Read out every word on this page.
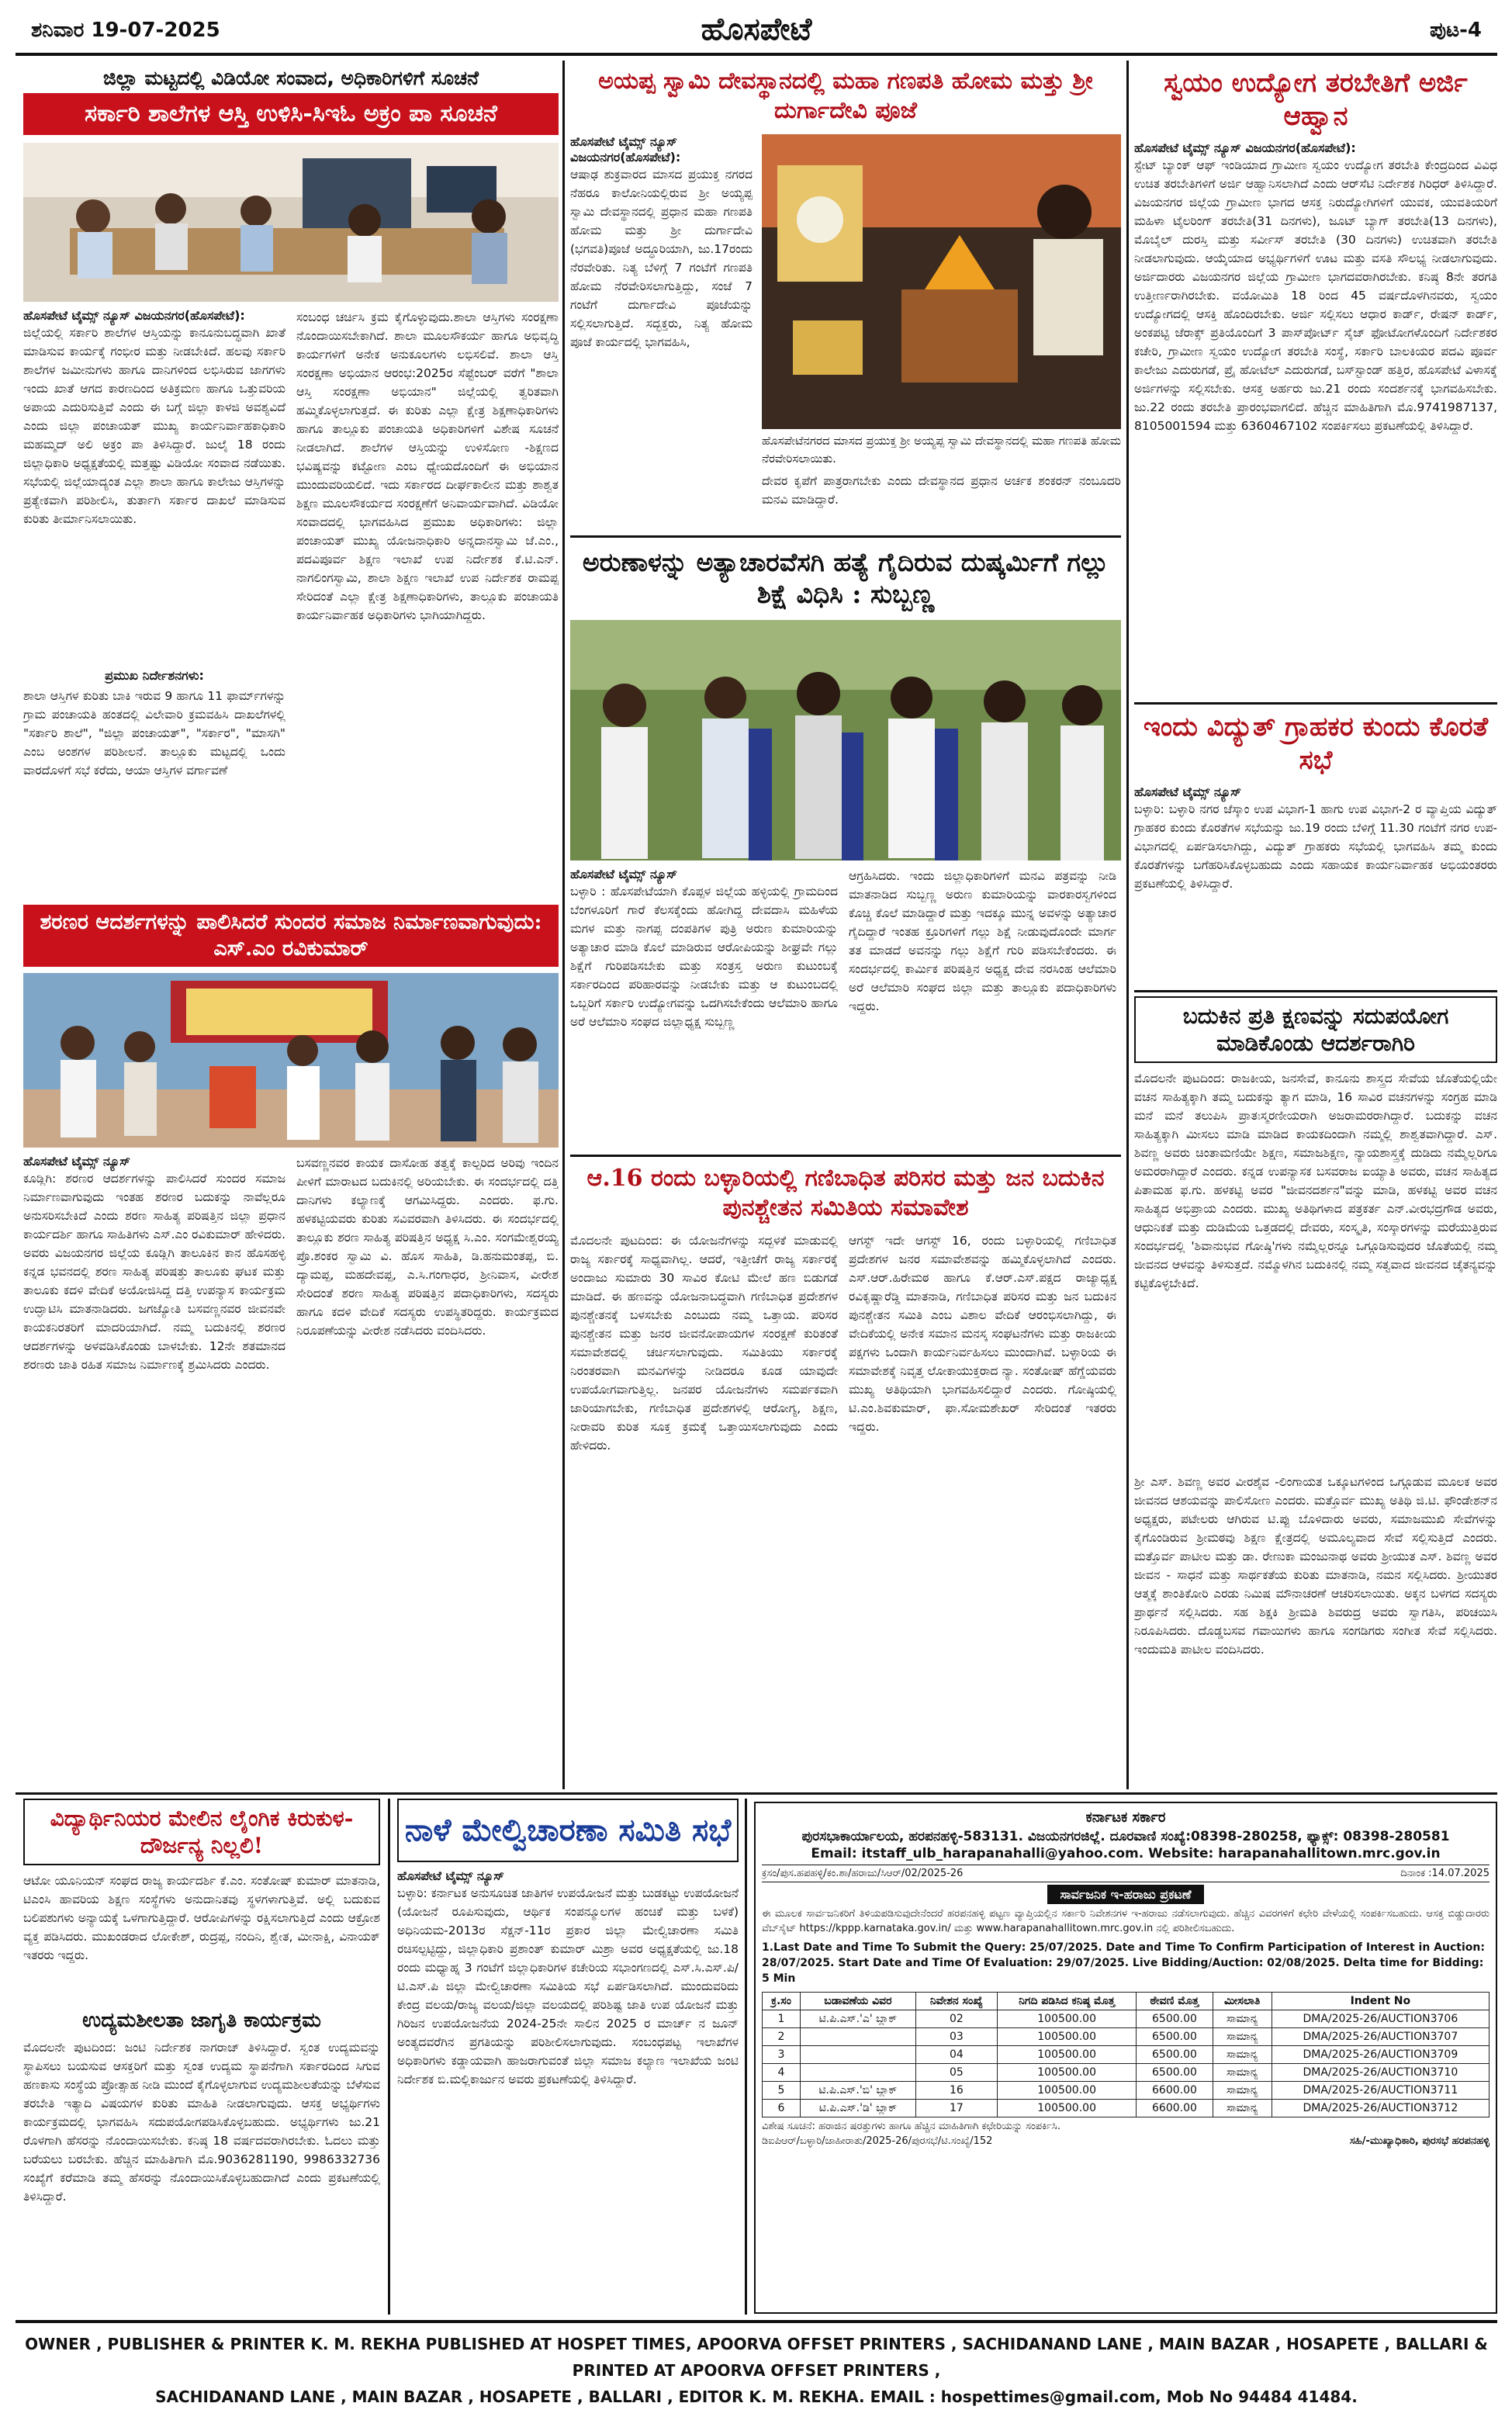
ಶನಿವಾರ 19-07-2025	ಹೊಸಪೇಟೆ	ಪುಟ-4
ಜಿಲ್ಲಾ ಮಟ್ಟದಲ್ಲಿ ವಿಡಿಯೋ ಸಂವಾದ, ಅಧಿಕಾರಿಗಳಿಗೆ ಸೂಚನೆ
ಸರ್ಕಾರಿ ಶಾಲೆಗಳ ಆಸ್ತಿ ಉಳಿಸಿ-ಸಿಇಓ ಅಕ್ರಂ ಪಾ ಸೂಚನೆ
ಹೊಸಪೇಟೆ ಟೈಮ್ಸ್ ನ್ಯೂಸ್ ವಿಜಯನಗರ(ಹೊಸಪೇಟೆ):
ಜಿಲ್ಲೆಯಲ್ಲಿ ಸರ್ಕಾರಿ ಶಾಲೆಗಳ ಆಸ್ತಿಯನ್ನು ಕಾನೂನುಬದ್ಧವಾಗಿ ಖಾತೆ ಮಾಡಿಸುವ ಕಾರ್ಯಕ್ಕೆ ಗಂಭೀರ ಮತ್ತು ನೀಡಬೇಕಿದೆ. ಹಲವು ಸರ್ಕಾರಿ ಶಾಲೆಗಳ ಜಮೀನುಗಳು ಹಾಗೂ ದಾನಿಗಳಿಂದ ಲಭಿಸಿರುವ ಜಾಗಗಳು ಇಂದು ಖಾತೆ ಆಗದ ಕಾರಣದಿಂದ ಅತಿಕ್ರಮಣ ಹಾಗೂ ಒತ್ತುವರಿಯ ಅಪಾಯ ಎದುರಿಸುತ್ತಿವೆ ಎಂದು ಈ ಬಗ್ಗೆ ಜಿಲ್ಲಾ ಕಾಳಜಿ ಅವಶ್ಯವಿದೆ ಎಂದು ಜಿಲ್ಲಾ ಪಂಚಾಯತ್ ಮುಖ್ಯ ಕಾರ್ಯನಿರ್ವಾಹಕಾಧಿಕಾರಿ ಮಹಮ್ಮದ್ ಅಲಿ ಅಕ್ರಂ ಪಾ ತಿಳಿಸಿದ್ದಾರೆ. ಜುಲೈ 18 ರಂದು ಜಿಲ್ಲಾಧಿಕಾರಿ ಅಧ್ಯಕ್ಷತೆಯಲ್ಲಿ ಮತ್ತಷ್ಟು ವಿಡಿಯೋ ಸಂವಾದ ನಡೆಯಿತು. ಸಭೆಯಲ್ಲಿ ಜಿಲ್ಲೆಯಾದ್ಯಂತ ಎಲ್ಲಾ ಶಾಲಾ ಹಾಗೂ ಕಾಲೇಜು ಆಸ್ತಿಗಳನ್ನು ಪ್ರತ್ಯೇಕವಾಗಿ ಪರಿಶೀಲಿಸಿ, ತುರ್ತಾಗಿ ಸರ್ಕಾರ ದಾಖಲೆ ಮಾಡಿಸುವ ಕುರಿತು ತೀರ್ಮಾನಿಸಲಾಯಿತು.
ಪ್ರಮುಖ ನಿರ್ದೇಶನಗಳು:
ಶಾಲಾ ಆಸ್ತಿಗಳ ಕುರಿತು ಬಾಕಿ ಇರುವ 9 ಹಾಗೂ 11 ಫಾರ್ಮ್‌ಗಳನ್ನು ಗ್ರಾಮ ಪಂಚಾಯತಿ ಹಂತದಲ್ಲಿ ವಿಲೇವಾರಿ ಕ್ರಮವಹಿಸಿ ದಾಖಲೆಗಳಲ್ಲಿ "ಸರ್ಕಾರಿ ಶಾಲೆ", "ಜಿಲ್ಲಾ ಪಂಚಾಯತ್", "ಸರ್ಕಾರ", "ಮಾಸಗಿ" ಎಂಬ ಅಂಶಗಳ ಪರಿಶೀಲನೆ. ತಾಲ್ಲೂಕು ಮಟ್ಟದಲ್ಲಿ ಒಂದು ವಾರದೊಳಗೆ ಸಭೆ ಕರೆದು, ಆಯಾ ಆಸ್ತಿಗಳ ವರ್ಗಾವಣೆ
ಸಂಬಂಧ ಚರ್ಚಿಸಿ ಕ್ರಮ ಕೈಗೊಳ್ಳುವುದು.ಶಾಲಾ ಆಸ್ತಿಗಳು ಸಂರಕ್ಷಣಾ ನೊಂದಾಯಿಸಬೇಕಾಗಿದೆ. ಶಾಲಾ ಮೂಲಸೌಕರ್ಯ ಹಾಗೂ ಅಭಿವೃದ್ಧಿ ಕಾರ್ಯಗಳಿಗೆ ಅನೇಕ ಅನುಕೂಲಗಳು ಲಭಿಸಲಿವೆ. ಶಾಲಾ ಆಸ್ತಿ ಸಂರಕ್ಷಣಾ ಅಭಿಯಾನ ಆರಂಭ:2025ರ ಸೆಪ್ಟೆಂಬರ್ ವರೆಗೆ "ಶಾಲಾ ಆಸ್ತಿ ಸಂರಕ್ಷಣಾ ಅಭಿಯಾನ" ಜಿಲ್ಲೆಯಲ್ಲಿ ತ್ವರಿತವಾಗಿ ಹಮ್ಮಿಕೊಳ್ಳಲಾಗುತ್ತದೆ. ಈ ಕುರಿತು ಎಲ್ಲಾ ಕ್ಷೇತ್ರ ಶಿಕ್ಷಣಾಧಿಕಾರಿಗಳು ಹಾಗೂ ತಾಲ್ಲೂಕು ಪಂಚಾಯತಿ ಅಧಿಕಾರಿಗಳಿಗೆ ವಿಶೇಷ ಸೂಚನೆ ನೀಡಲಾಗಿದೆ. ಶಾಲೆಗಳ ಆಸ್ತಿಯನ್ನು ಉಳಿಸೋಣ -ಶಿಕ್ಷಣದ ಭವಿಷ್ಯವನ್ನು ಕಟ್ಟೋಣ ಎಂಬ ಧ್ಯೇಯದೊಂದಿಗೆ ಈ ಅಭಿಯಾನ ಮುಂದುವರಿಯಲಿದೆ. ಇದು ಸರ್ಕಾರದ ದೀರ್ಘಕಾಲೀನ ಮತ್ತು ಶಾಶ್ವತ ಶಿಕ್ಷಣ ಮೂಲಸೌಕರ್ಯದ ಸಂರಕ್ಷಣೆಗೆ ಅನಿವಾರ್ಯವಾಗಿದೆ. ವಿಡಿಯೋ ಸಂವಾದದಲ್ಲಿ ಭಾಗವಹಿಸಿದ ಪ್ರಮುಖ ಅಧಿಕಾರಿಗಳು: ಜಿಲ್ಲಾ ಪಂಚಾಯತ್ ಮುಖ್ಯ ಯೋಜನಾಧಿಕಾರಿ ಅನ್ನದಾನಸ್ವಾಮಿ ಜೆ.ಎಂ., ಪದವಿಪೂರ್ವ ಶಿಕ್ಷಣ ಇಲಾಖೆ ಉಪ ನಿರ್ದೇಶಕ ಕೆ.ಟಿ.ಎನ್. ನಾಗಲಿಂಗಸ್ವಾಮಿ, ಶಾಲಾ ಶಿಕ್ಷಣ ಇಲಾಖೆ ಉಪ ನಿರ್ದೇಶಕ ರಾಮಪ್ಪ ಸೇರಿದಂತೆ ಎಲ್ಲಾ ಕ್ಷೇತ್ರ ಶಿಕ್ಷಣಾಧಿಕಾರಿಗಳು, ತಾಲ್ಲೂಕು ಪಂಚಾಯತಿ ಕಾರ್ಯನಿರ್ವಾಹಕ ಅಧಿಕಾರಿಗಳು ಭಾಗಿಯಾಗಿದ್ದರು.
ಶರಣರ ಆದರ್ಶಗಳನ್ನು ಪಾಲಿಸಿದರೆ ಸುಂದರ ಸಮಾಜ ನಿರ್ಮಾಣವಾಗುವುದು: ಎಸ್.ಎಂ ರವಿಕುಮಾರ್
ಹೊಸಪೇಟೆ ಟೈಮ್ಸ್ ನ್ಯೂಸ್
ಕೂಡ್ಲಿಗಿ: ಶರಣರ ಆದರ್ಶಗಳನ್ನು ಪಾಲಿಸಿದರೆ ಸುಂದರ ಸಮಾಜ ನಿರ್ಮಾಣವಾಗುವುದು ಇಂತಹ ಶರಣರ ಬದುಕನ್ನು ನಾವೆಲ್ಲರೂ ಅನುಸರಿಸಬೇಕಿದೆ ಎಂದು ಶರಣ ಸಾಹಿತ್ಯ ಪರಿಷತ್ತಿನ ಜಿಲ್ಲಾ ಪ್ರಧಾನ ಕಾರ್ಯದರ್ಶಿ ಹಾಗೂ ಸಾಹಿತಿಗಳು ಎಸ್.ಎಂ ರವಿಕುಮಾರ್ ಹೇಳಿದರು. ಅವರು ವಿಜಯನಗರ ಜಿಲ್ಲೆಯ ಕೂಡ್ಲಿಗಿ ತಾಲೂಕಿನ ಕಾನ ಹೊಸಹಳ್ಳಿ ಕನ್ನಡ ಭವನದಲ್ಲಿ ಶರಣ ಸಾಹಿತ್ಯ ಪರಿಷತ್ತು ತಾಲೂಕು ಘಟಕ ಮತ್ತು ತಾಲೂಕು ಕದಳಿ ವೇದಿಕೆ ಅಯೋಜಿಸಿದ್ದ ದತ್ತಿ ಉಪನ್ಯಾಸ ಕಾರ್ಯಕ್ರಮ ಉದ್ಘಾಟಿಸಿ ಮಾತನಾಡಿದರು. ಜಗಜ್ಯೋತಿ ಬಸವಣ್ಣನವರ ಜೀವನವೇ ಕಾಯಕನಿರತರಿಗೆ ಮಾದರಿಯಾಗಿದೆ. ನಮ್ಮ ಬದುಕಿನಲ್ಲಿ ಶರಣರ ಆದರ್ಶಗಳನ್ನು ಅಳವಡಿಸಿಕೊಂಡು ಬಾಳಬೇಕು. 12ನೇ ಶತಮಾನದ ಶರಣರು ಜಾತಿ ರಹಿತ ಸಮಾಜ ನಿರ್ಮಾಣಕ್ಕೆ ಶ್ರಮಿಸಿದರು ಎಂದರು.
ಬಸವಣ್ಣನವರ ಕಾಯಕ ದಾಸೋಹ ತತ್ವಕ್ಕೆ ಕಾಲ್ಪರಿದ ಅರಿವು ಇಂದಿನ ಪೀಳಿಗೆ ಮಾರಾಟದ ಬದುಕಿನಲ್ಲಿ ಅರಿಯಬೇಕು. ಈ ಸಂದರ್ಭದಲ್ಲಿ ದತ್ತಿ ದಾನಿಗಳು ಕಲ್ಯಾಣಕ್ಕೆ ಆಗಮಿಸಿದ್ದರು. ಎಂದರು. ಫ.ಗು. ಹಳಕಟ್ಟಿಯವರು ಕುರಿತು ಸವಿವರವಾಗಿ ತಿಳಿಸಿದರು. ಈ ಸಂದರ್ಭದಲ್ಲಿ ತಾಲ್ಲೂಕು ಶರಣ ಸಾಹಿತ್ಯ ಪರಿಷತ್ತಿನ ಅಧ್ಯಕ್ಷ ಸಿ.ಎಂ. ಸಂಗಮೇಶ್ವರಯ್ಯ ಪ್ರೊ.ಶಂಕರ ಸ್ವಾಮಿ ವಿ. ಹೊಸ ಸಾಹಿತಿ, ಡಿ.ಹನುಮಂತಪ್ಪ, ಬಿ. ದ್ಯಾಮಪ್ಪ, ಮಹದೇವಪ್ಪ, ಎ.ಸಿ.ಗಂಗಾಧರ, ಶ್ರೀನಿವಾಸ, ವೀರೇಶ ಸೇರಿದಂತೆ ಶರಣ ಸಾಹಿತ್ಯ ಪರಿಷತ್ತಿನ ಪದಾಧಿಕಾರಿಗಳು, ಸದಸ್ಯರು ಹಾಗೂ ಕದಳಿ ವೇದಿಕೆ ಸದಸ್ಯರು ಉಪಸ್ಥಿತರಿದ್ದರು. ಕಾರ್ಯಕ್ರಮದ ನಿರೂಪಣೆಯನ್ನು ವೀರೇಶ ನಡೆಸಿದರು ವಂದಿಸಿದರು.
ಅಯಪ್ಪ ಸ್ವಾಮಿ ದೇವಸ್ಥಾನದಲ್ಲಿ ಮಹಾ ಗಣಪತಿ ಹೋಮ ಮತ್ತು ಶ್ರೀ ದುರ್ಗಾದೇವಿ ಪೂಜೆ
ಹೊಸಪೇಟೆ ಟೈಮ್ಸ್ ನ್ಯೂಸ್ ವಿಜಯನಗರ(ಹೊಸಪೇಟೆ):
ಆಷಾಢ ಶುಕ್ರವಾರದ ಮಾಸದ ಪ್ರಯುಕ್ತ ನಗರದ ನೆಹರೂ ಕಾಲೋನಿಯಲ್ಲಿರುವ ಶ್ರೀ ಅಯ್ಯಪ್ಪ ಸ್ವಾಮಿ ದೇವಸ್ಥಾನದಲ್ಲಿ ಪ್ರಧಾನ ಮಹಾ ಗಣಪತಿ ಹೋಮ ಮತ್ತು ಶ್ರೀ ದುರ್ಗಾದೇವಿ (ಭಗವತಿ)ಪೂಜೆ ಅದ್ಧೂರಿಯಾಗಿ, ಜು.17ರಂದು ನೆರವೇರಿತು. ನಿತ್ಯ ಬೆಳಿಗ್ಗೆ 7 ಗಂಟೆಗೆ ಗಣಪತಿ ಹೋಮ ನೆರವೇರಿಸಲಾಗುತ್ತಿದ್ದು, ಸಂಜೆ 7 ಗಂಟೆಗೆ ದುರ್ಗಾದೇವಿ ಪೂಜೆಯನ್ನು ಸಲ್ಲಿಸಲಾಗುತ್ತಿದೆ. ಸದ್ಭಕ್ತರು, ನಿತ್ಯ ಹೋಮ ಪೂಜೆ ಕಾರ್ಯದಲ್ಲಿ ಭಾಗವಹಿಸಿ,
ಹೊಸಪೇಟೆನಗರದ ಮಾಸದ ಪ್ರಯುಕ್ತ ಶ್ರೀ ಅಯ್ಯಪ್ಪ ಸ್ವಾಮಿ ದೇವಸ್ಥಾನದಲ್ಲಿ ಮಹಾ ಗಣಪತಿ ಹೋಮ ನೆರವೇರಿಸಲಾಯಿತು.
ದೇವರ ಕೃಪೆಗೆ ಪಾತ್ರರಾಗಬೇಕು ಎಂದು ದೇವಸ್ಥಾನದ ಪ್ರಧಾನ ಅರ್ಚಕ ಶಂಕರನ್ ನಂಬೂದರಿ ಮನವಿ ಮಾಡಿದ್ದಾರೆ.
ಅರುಣಾಳನ್ನು ಅತ್ಯಾಚಾರವೆಸಗಿ ಹತ್ಯೆ ಗೈದಿರುವ ದುಷ್ಕರ್ಮಿಗೆ ಗಲ್ಲು ಶಿಕ್ಷೆ ವಿಧಿಸಿ : ಸುಬ್ಬಣ್ಣ
ಹೊಸಪೇಟೆ ಟೈಮ್ಸ್ ನ್ಯೂಸ್
ಬಳ್ಳಾರಿ : ಹೊಸಪೇಟೆಯಾಗಿ ಕೊಪ್ಪಳ ಜಿಲ್ಲೆಯ ಹಳ್ಳಿಯಲ್ಲಿ ಗ್ರಾಮದಿಂದ ಬೆಂಗಳೂರಿಗೆ ಗಾರೆ ಕೆಲಸಕ್ಕೆಂದು ಹೋಗಿದ್ದ ದೇವದಾಸಿ ಮಹಿಳೆಯ ಮಗಳ ಮತ್ತು ನಾಗಪ್ಪ ದಂಪತಿಗಳ ಪುತ್ರಿ ಅರುಣ ಕುಮಾರಿಯನ್ನು ಅತ್ಯಾಚಾರ ಮಾಡಿ ಕೊಲೆ ಮಾಡಿರುವ ಆರೋಪಿಯನ್ನು ಶೀಘ್ರವೇ ಗಲ್ಲು ಶಿಕ್ಷೆಗೆ ಗುರಿಪಡಿಸಬೇಕು ಮತ್ತು ಸಂತ್ರಸ್ತ ಅರುಣ ಕುಟುಂಬಕ್ಕೆ ಸರ್ಕಾರದಿಂದ ಪರಿಹಾರವನ್ನು ನೀಡಬೇಕು ಮತ್ತು ಆ ಕುಟುಂಬದಲ್ಲಿ ಒಬ್ಬರಿಗೆ ಸರ್ಕಾರಿ ಉದ್ಯೋಗವನ್ನು ಒದಗಿಸಬೇಕೆಂದು ಆಲೆಮಾರಿ ಹಾಗೂ ಅರೆ ಆಲೆಮಾರಿ ಸಂಘದ ಜಿಲ್ಲಾಧ್ಯಕ್ಷ ಸುಬ್ಬಣ್ಣ
ಆಗ್ರಹಿಸಿದರು. ಇಂದು ಜಿಲ್ಲಾಧಿಕಾರಿಗಳಿಗೆ ಮನವಿ ಪತ್ರವನ್ನು ನೀಡಿ ಮಾತನಾಡಿದ ಸುಬ್ಬಣ್ಣ ಅರುಣ ಕುಮಾರಿಯನ್ನು ವಾರಕಾರಸ್ವಗಳಿಂದ ಕೊಚ್ಚಿ ಕೊಲೆ ಮಾಡಿದ್ದಾರೆ ಮತ್ತು ಇದಕ್ಕೂ ಮುನ್ನ ಅವಳನ್ನು ಅತ್ಯಾಚಾರ ಗೈದಿದ್ದಾರೆ ಇಂತಹ ಕ್ರೂರಿಗಳಿಗೆ ಗಲ್ಲು ಶಿಕ್ಷೆ ನೀಡುವುದೊಂದೇ ಮಾರ್ಗ ತತ ಮಾಡದೆ ಅವನನ್ನು ಗಲ್ಲು ಶಿಕ್ಷೆಗೆ ಗುರಿ ಪಡಿಸಬೇಕೆಂದರು. ಈ ಸಂದರ್ಭದಲ್ಲಿ ಕಾರ್ಮಿಕ ಪರಿಷತ್ತಿನ ಅಧ್ಯಕ್ಷ ದೇವ ನರಸಿಂಹ ಆಲೆಮಾರಿ ಅರೆ ಆಲೆಮಾರಿ ಸಂಘದ ಜಿಲ್ಲಾ ಮತ್ತು ತಾಲ್ಲೂಕು ಪದಾಧಿಕಾರಿಗಳು ಇದ್ದರು.
ಆ.16 ರಂದು ಬಳ್ಳಾರಿಯಲ್ಲಿ ಗಣಿಬಾಧಿತ ಪರಿಸರ ಮತ್ತು ಜನ ಬದುಕಿನ ಪುನಶ್ಚೇತನ ಸಮಿತಿಯ ಸಮಾವೇಶ
ಮೊದಲನೇ ಪುಟದಿಂದ: ಈ ಯೋಜನೆಗಳನ್ನು ಸದ್ಬಳಕೆ ಮಾಡುವಲ್ಲಿ ರಾಜ್ಯ ಸರ್ಕಾರಕ್ಕೆ ಸಾಧ್ಯವಾಗಿಲ್ಲ. ಆದರೆ, ಇತ್ತೀಚೆಗೆ ರಾಜ್ಯ ಸರ್ಕಾರಕ್ಕೆ ಅಂದಾಜು ಸುಮಾರು 30 ಸಾವಿರ ಕೋಟಿ ಮೇಲೆ ಹಣ ಬಿಡುಗಡೆ ಮಾಡಿದೆ. ಈ ಹಣವನ್ನು ಯೋಜನಾಬದ್ಧವಾಗಿ ಗಣಿಬಾಧಿತ ಪ್ರದೇಶಗಳ ಪುನಶ್ಚೇತನಕ್ಕೆ ಬಳಸಬೇಕು ಎಂಬುದು ನಮ್ಮ ಒತ್ತಾಯ. ಪರಿಸರ ಪುನಶ್ಚೇತನ ಮತ್ತು ಜನರ ಜೀವನೋಪಾಯಗಳ ಸಂರಕ್ಷಣೆ ಕುರಿತಂತೆ ಸಮಾವೇಶದಲ್ಲಿ ಚರ್ಚಿಸಲಾಗುವುದು. ಸಮಿತಿಯು ಸರ್ಕಾರಕ್ಕೆ ನಿರಂತರವಾಗಿ ಮನವಿಗಳನ್ನು ನೀಡಿದರೂ ಕೂಡ ಯಾವುದೇ ಉಪಯೋಗವಾಗುತ್ತಿಲ್ಲ. ಜನಪರ ಯೋಜನೆಗಳು ಸಮರ್ಪಕವಾಗಿ ಜಾರಿಯಾಗಬೇಕು, ಗಣಿಬಾಧಿತ ಪ್ರದೇಶಗಳಲ್ಲಿ ಆರೋಗ್ಯ, ಶಿಕ್ಷಣ, ನೀರಾವರಿ ಕುರಿತ ಸೂಕ್ತ ಕ್ರಮಕ್ಕೆ ಒತ್ತಾಯಿಸಲಾಗುವುದು ಎಂದು ಹೇಳಿದರು.
ಆಗಸ್ಟ್ ಇದೇ ಆಗಸ್ಟ್ 16, ರಂದು ಬಳ್ಳಾರಿಯಲ್ಲಿ ಗಣಿಬಾಧಿತ ಪ್ರದೇಶಗಳ ಜನರ ಸಮಾವೇಶವನ್ನು ಹಮ್ಮಿಕೊಳ್ಳಲಾಗಿದೆ ಎಂದರು. ಎಸ್.ಆರ್.ಹಿರೇಮಠ ಹಾಗೂ ಕೆ.ಆರ್.ಎಸ್.ಪಕ್ಷದ ರಾಜ್ಯಾಧ್ಯಕ್ಷ ರವಿಕೃಷ್ಣಾರೆಡ್ಡಿ ಮಾತನಾಡಿ, ಗಣಿಬಾಧಿತ ಪರಿಸರ ಮತ್ತು ಜನ ಬದುಕಿನ ಪುನಶ್ಚೇತನ ಸಮಿತಿ ಎಂಬ ವಿಶಾಲ ವೇದಿಕೆ ಆರಂಭಿಸಲಾಗಿದ್ದು, ಈ ವೇದಿಕೆಯಲ್ಲಿ ಅನೇಕ ಸಮಾನ ಮನಸ್ಕ ಸಂಘಟನೆಗಳು ಮತ್ತು ರಾಜಕೀಯ ಪಕ್ಷಗಳು ಒಂದಾಗಿ ಕಾರ್ಯನಿರ್ವಹಿಸಲು ಮುಂದಾಗಿವೆ. ಬಳ್ಳಾರಿಯ ಈ ಸಮಾವೇಶಕ್ಕೆ ನಿವೃತ್ತ ಲೋಕಾಯುಕ್ತರಾದ ನ್ಯಾ. ಸಂತೋಷ್ ಹೆಗ್ಡೆಯವರು ಮುಖ್ಯ ಅತಿಥಿಯಾಗಿ ಭಾಗವಹಿಸಲಿದ್ದಾರೆ ಎಂದರು. ಗೋಷ್ಠಿಯಲ್ಲಿ ಟಿ.ಎಂ.ಶಿವಕುಮಾರ್, ಫಾ.ಸೋಮಶೇಖರ್ ಸೇರಿದಂತೆ ಇತರರು ಇದ್ದರು.
ಸ್ವಯಂ ಉದ್ಯೋಗ ತರಬೇತಿಗೆ ಅರ್ಜಿ ಆಹ್ವಾನ
ಹೊಸಪೇಟೆ ಟೈಮ್ಸ್ ನ್ಯೂಸ್ ವಿಜಯನಗರ(ಹೊಸಪೇಟೆ):
ಸ್ಟೇಟ್ ಬ್ಯಾಂಕ್ ಆಫ್ ಇಂಡಿಯಾದ ಗ್ರಾಮೀಣ ಸ್ವಯಂ ಉದ್ಯೋಗ ತರಬೇತಿ ಕೇಂದ್ರದಿಂದ ವಿವಿಧ ಉಚಿತ ತರಬೇತಿಗಳಿಗೆ ಅರ್ಜಿ ಆಹ್ವಾನಿಸಲಾಗಿದೆ ಎಂದು ಆರ್‌ಸೆಟಿ ನಿರ್ದೇಶಕ ಗಿರಿಧರ್ ತಿಳಿಸಿದ್ದಾರೆ. ವಿಜಯನಗರ ಜಿಲ್ಲೆಯ ಗ್ರಾಮೀಣ ಭಾಗದ ಆಸಕ್ತ ನಿರುದ್ಯೋಗಿಗಳಿಗೆ ಯುವಕ, ಯುವತಿಯರಿಗೆ ಮಹಿಳಾ ಟೈಲರಿಂಗ್ ತರಬೇತಿ(31 ದಿನಗಳು), ಜೂಟ್ ಬ್ಯಾಗ್ ತರಬೇತಿ(13 ದಿನಗಳು), ಮೊಬೈಲ್ ದುರಸ್ತಿ ಮತ್ತು ಸರ್ವೀಸ್ ತರಬೇತಿ (30 ದಿನಗಳು) ಉಚಿತವಾಗಿ ತರಬೇತಿ ನೀಡಲಾಗುವುದು. ಆಯ್ಕೆಯಾದ ಅಭ್ಯರ್ಥಿಗಳಿಗೆ ಊಟ ಮತ್ತು ವಸತಿ ಸೌಲಭ್ಯ ನೀಡಲಾಗುವುದು. ಅರ್ಜಿದಾರರು ವಿಜಯನಗರ ಜಿಲ್ಲೆಯ ಗ್ರಾಮೀಣ ಭಾಗದವರಾಗಿರಬೇಕು. ಕನಿಷ್ಠ 8ನೇ ತರಗತಿ ಉತ್ತೀರ್ಣರಾಗಿರಬೇಕು. ವಯೋಮಿತಿ 18 ರಿಂದ 45 ವರ್ಷದೊಳಗಿನವರು, ಸ್ವಯಂ ಉದ್ಯೋಗದಲ್ಲಿ ಆಸಕ್ತಿ ಹೊಂದಿರಬೇಕು. ಅರ್ಜಿ ಸಲ್ಲಿಸಲು ಆಧಾರ ಕಾರ್ಡ್, ರೇಷನ್ ಕಾರ್ಡ್, ಅಂಕಪಟ್ಟಿ ಜೆರಾಕ್ಸ್ ಪ್ರತಿಯೊಂದಿಗೆ 3 ಪಾಸ್‌ಪೋರ್ಟ್ ಸೈಜ್ ಫೋಟೋಗಳೊಂದಿಗೆ ನಿರ್ದೇಶಕರ ಕಚೇರಿ, ಗ್ರಾಮೀಣ ಸ್ವಯಂ ಉದ್ಯೋಗ ತರಬೇತಿ ಸಂಸ್ಥೆ, ಸರ್ಕಾರಿ ಬಾಲಕಿಯರ ಪದವಿ ಪೂರ್ವ ಕಾಲೇಜು ಎದುರುಗಡೆ, ಪ್ರೈ ಹೋಟೆಲ್ ಎದುರುಗಡೆ, ಬಸ್‌ಸ್ಟಾಂಡ್ ಹತ್ತಿರ, ಹೊಸಪೇಟೆ ವಿಳಾಸಕ್ಕೆ ಅರ್ಜಿಗಳನ್ನು ಸಲ್ಲಿಸಬೇಕು. ಆಸಕ್ತ ಅರ್ಹರು ಜು.21 ರಂದು ಸಂದರ್ಶನಕ್ಕೆ ಭಾಗವಹಿಸಬೇಕು. ಜು.22 ರಂದು ತರಬೇತಿ ಪ್ರಾರಂಭವಾಗಲಿದೆ. ಹೆಚ್ಚಿನ ಮಾಹಿತಿಗಾಗಿ ಮೊ.9741987137, 8105001594 ಮತ್ತು 6360467102 ಸಂಪರ್ಕಿಸಲು ಪ್ರಕಟಣೆಯಲ್ಲಿ ತಿಳಿಸಿದ್ದಾರೆ.
ಇಂದು ವಿದ್ಯುತ್ ಗ್ರಾಹಕರ ಕುಂದು ಕೊರತೆ ಸಭೆ
ಹೊಸಪೇಟೆ ಟೈಮ್ಸ್ ನ್ಯೂಸ್
ಬಳ್ಳಾರಿ: ಬಳ್ಳಾರಿ ನಗರ ಜೆಸ್ಕಾಂ ಉಪ ವಿಭಾಗ-1 ಹಾಗು ಉಪ ವಿಭಾಗ-2 ರ ವ್ಯಾಪ್ತಿಯ ವಿದ್ಯುತ್ ಗ್ರಾಹಕರ ಕುಂದು ಕೊರತೆಗಳ ಸಭೆಯನ್ನು ಜು.19 ರಂದು ಬೆಳಿಗ್ಗೆ 11.30 ಗಂಟೆಗೆ ನಗರ ಉಪ-ವಿಭಾಗದಲ್ಲಿ ಏರ್ಪಡಿಸಲಾಗಿದ್ದು, ವಿದ್ಯುತ್ ಗ್ರಾಹಕರು ಸಭೆಯಲ್ಲಿ ಭಾಗವಹಿಸಿ ತಮ್ಮ ಕುಂದು ಕೊರತೆಗಳನ್ನು ಬಗೆಹರಿಸಿಕೊಳ್ಳಬಹುದು ಎಂದು ಸಹಾಯಕ ಕಾರ್ಯನಿರ್ವಾಹಕ ಅಭಿಯಂತರರು ಪ್ರಕಟಣೆಯಲ್ಲಿ ತಿಳಿಸಿದ್ದಾರೆ.
ಬದುಕಿನ ಪ್ರತಿ ಕ್ಷಣವನ್ನು ಸದುಪಯೋಗ ಮಾಡಿಕೊಂಡು ಆದರ್ಶರಾಗಿರಿ
ಮೊದಲನೇ ಪುಟದಿಂದ: ರಾಜಕೀಯ, ಜನಸೇವೆ, ಕಾನೂನು ಶಾಸ್ತ್ರದ ಸೇವೆಯ ಜೊತೆಯಲ್ಲಿಯೇ ವಚನ ಸಾಹಿತ್ಯಕ್ಕಾಗಿ ತಮ್ಮ ಬದುಕನ್ನು ತ್ಯಾಗ ಮಾಡಿ, 16 ಸಾವಿರ ವಚನಗಳನ್ನು ಸಂಗ್ರಹ ಮಾಡಿ ಮನೆ ಮನೆ ತಲುಪಿಸಿ ಪ್ರಾತಃಸ್ಮರಣೀಯರಾಗಿ ಅಜರಾಮರರಾಗಿದ್ದಾರೆ. ಬದುಕನ್ನು ವಚನ ಸಾಹಿತ್ಯಕ್ಕಾಗಿ ಮೀಸಲು ಮಾಡಿ ಮಾಡಿದ ಕಾಯಕದಿಂದಾಗಿ ನಮ್ಮಲ್ಲಿ ಶಾಶ್ವತವಾಗಿದ್ದಾರೆ. ಎಸ್. ಶಿವಣ್ಣ ಅವರು ಚಿಂತಾಮಣಿಯೇ ಶಿಕ್ಷಣ, ಸಮಾಜಶಿಕ್ಷಣ, ನ್ಯಾಯಶಾಸ್ತ್ರಕ್ಕೆ ದುಡಿದು ನಮ್ಮೆಲ್ಲರಿಗೂ ಅಮರರಾಗಿದ್ದಾರೆ ಎಂದರು. ಕನ್ನಡ ಉಪನ್ಯಾಸಕ ಬಸವರಾಜ ಐಯ್ಯಾತಿ ಅವರು, ವಚನ ಸಾಹಿತ್ಯದ ಪಿತಾಮಹ ಫ.ಗು. ಹಳಕಟ್ಟಿ ಅವರ "ಜೀವನದರ್ಶನ"ವನ್ನು ಮಾಡಿ, ಹಳಕಟ್ಟಿ ಅವರ ವಚನ ಸಾಹಿತ್ಯದ ಅಭಿಪ್ರಾಯ ಎಂದರು. ಮುಖ್ಯ ಅತಿಥಿಗಳಾದ ಪತ್ರಕರ್ತ ಎನ್.ವೀರಭದ್ರಗೌಡ ಅವರು, ಆಧುನಿಕತೆ ಮತ್ತು ದುಡಿಮೆಯ ಒತ್ತಡದಲ್ಲಿ ದೇವರು, ಸಂಸ್ಕೃತಿ, ಸಂಸ್ಕಾರಗಳನ್ನು ಮರೆಯುತ್ತಿರುವ ಸಂದರ್ಭದಲ್ಲಿ 'ಶಿವಾನುಭವ ಗೋಷ್ಠಿ'ಗಳು ನಮ್ಮೆಲ್ಲರನ್ನೂ ಒಗ್ಗೂಡಿಸುವುದರ ಜೊತೆಯಲ್ಲಿ ನಮ್ಮ ಜೀವನದ ಆಳವನ್ನು ತಿಳಿಸುತ್ತದೆ. ನಮ್ಮೊಳಗಿನ ಬದುಕಿನಲ್ಲಿ ನಮ್ಮ ಸತ್ವವಾದ ಜೀವನದ ಚೈತನ್ಯವನ್ನು ಕಟ್ಟಿಕೊಳ್ಳಬೇಕಿದೆ.
ಶ್ರೀ ಎಸ್. ಶಿವಣ್ಣ ಅವರ ವೀರಶೈವ -ಲಿಂಗಾಯತ ಒಕ್ಕೂಟಗಳಿಂದ ಒಗ್ಗೂಡುವ ಮೂಲಕ ಅವರ ಜೀವನದ ಆಶಯವನ್ನು ಪಾಲಿಸೋಣ ಎಂದರು. ಮತ್ತೊರ್ವ ಮುಖ್ಯ ಅತಿಥಿ ಜಿ.ಟಿ. ಫೌಂಡೇಶನ್‌ನ ಅಧ್ಯಕ್ಷರು, ಪಟೇಲರು ಆಗಿರುವ ಟಿ.ಪ್ಪು ಬೊಳಿದಾರು ಅವರು, ಸಮಾಜಮುಖಿ ಸೇವೆಗಳನ್ನು ಕೈಗೊಂಡಿರುವ ಶ್ರೀಮಠವು ಶಿಕ್ಷಣ ಕ್ಷೇತ್ರದಲ್ಲಿ ಅಮೂಲ್ಯವಾದ ಸೇವೆ ಸಲ್ಲಿಸುತ್ತಿದೆ ಎಂದರು. ಮತ್ತೊರ್ವ ಪಾಟೀಲ ಮತ್ತು ಡಾ. ರೇಣುಕಾ ಮಂಜುನಾಥ ಅವರು ಶ್ರೀಯುತ ಎಸ್. ಶಿವಣ್ಣ ಅವರ ಜೀವನ - ಸಾಧನೆ ಮತ್ತು ಸಾರ್ಥಕತೆಯ ಕುರಿತು ಮಾತನಾಡಿ, ನಮನ ಸಲ್ಲಿಸಿದರು. ಶ್ರೀಯುತರ ಆತ್ಮಕ್ಕೆ ಶಾಂತಿಕೋರಿ ಎರಡು ನಿಮಿಷ ಮೌನಾಚರಣೆ ಆಚರಿಸಲಾಯಿತು. ಅಕ್ಕನ ಬಳಗದ ಸದಸ್ಯರು ಪ್ರಾರ್ಥನೆ ಸಲ್ಲಿಸಿದರು. ಸಹ ಶಿಕ್ಷಕಿ ಶ್ರೀಮತಿ ಶಿವರುದ್ರ ಅವರು ಸ್ವಾಗತಿಸಿ, ಪರಿಚಯಿಸಿ ನಿರೂಪಿಸಿದರು. ದೊಡ್ಡಬಸವ ಗವಾಯಿಗಳು ಹಾಗೂ ಸಂಗಡಿಗರು ಸಂಗೀತ ಸೇವೆ ಸಲ್ಲಿಸಿದರು. ಇಂದುಮತಿ ಪಾಟೀಲ ವಂದಿಸಿದರು.
ವಿದ್ಯಾರ್ಥಿನಿಯರ ಮೇಲಿನ ಲೈಂಗಿಕ ಕಿರುಕುಳ-ದೌರ್ಜನ್ಯ ನಿಲ್ಲಲಿ!
ಆಟೋ ಯೂನಿಯನ್ ಸಂಘದ ರಾಜ್ಯ ಕಾರ್ಯದರ್ಶಿ ಕೆ.ಎಂ. ಸಂತೋಷ್ ಕುಮಾರ್ ಮಾತನಾಡಿ, ಟಿಎಂಸಿ ಹಾವರಿಯ ಶಿಕ್ಷಣ ಸಂಸ್ಥೆಗಳು ಅನುದಾನಿತವು ಸ್ಥಳಗಳಾಗುತ್ತಿವೆ. ಅಲ್ಲಿ ಬದುಕುವ ಬಲಿಪಶುಗಳು ಅನ್ಯಾಯಕ್ಕೆ ಒಳಗಾಗುತ್ತಿದ್ದಾರೆ. ಆರೋಪಿಗಳನ್ನು ರಕ್ಷಿಸಲಾಗುತ್ತಿದೆ ಎಂದು ಆಕ್ರೋಶ ವ್ಯಕ್ತ ಪಡಿಸಿದರು. ಮುಖಂಡರಾದ ಲೋಕೇಶ್, ರುದ್ರಪ್ಪ, ನಂದಿನಿ, ಶ್ವೇತ, ಮೀನಾಕ್ಷಿ, ವಿನಾಯಕ್ ಇತರರು ಇದ್ದರು.
ಉದ್ಯಮಶೀಲತಾ ಜಾಗೃತಿ ಕಾರ್ಯಕ್ರಮ
ಮೊದಲನೇ ಪುಟದಿಂದ: ಜಂಟಿ ನಿರ್ದೇಶಕ ನಾಗರಾಜ್ ತಿಳಿಸಿದ್ದಾರೆ. ಸ್ವಂತ ಉದ್ಯಮವನ್ನು ಸ್ಥಾಪಿಸಲು ಬಯಸುವ ಆಸಕ್ತರಿಗೆ ಮತ್ತು ಸ್ವಂತ ಉದ್ಯಮ ಸ್ಥಾಪನೆಗಾಗಿ ಸರ್ಕಾರದಿಂದ ಸಿಗುವ ಹಣಕಾಸು ಸಂಸ್ಥೆಯ ಪ್ರೋತ್ಸಾಹ ನೀಡಿ ಮುಂದೆ ಕೈಗೊಳ್ಳಲಾಗುವ ಉದ್ಯಮಶೀಲತೆಯನ್ನು ಬೆಳೆಸುವ ತರಬೇತಿ ಇತ್ಯಾದಿ ವಿಷಯಗಳ ಕುರಿತು ಮಾಹಿತಿ ನೀಡಲಾಗುವುದು. ಆಸಕ್ತ ಅಭ್ಯರ್ಥಿಗಳು ಕಾರ್ಯಕ್ರಮದಲ್ಲಿ ಭಾಗವಹಿಸಿ ಸದುಪಯೋಗಪಡಿಸಿಕೊಳ್ಳಬಹುದು. ಅಭ್ಯರ್ಥಿಗಳು ಜು.21 ರೊಳಗಾಗಿ ಹೆಸರನ್ನು ನೊಂದಾಯಿಸಬೇಕು. ಕನಿಷ್ಠ 18 ವರ್ಷದವರಾಗಿರಬೇಕು. ಓದಲು ಮತ್ತು ಬರೆಯಲು ಬರಬೇಕು. ಹೆಚ್ಚಿನ ಮಾಹಿತಿಗಾಗಿ ಮೊ.9036281190, 9986332736 ಸಂಖ್ಯೆಗೆ ಕರೆಮಾಡಿ ತಮ್ಮ ಹೆಸರನ್ನು ನೊಂದಾಯಿಸಿಕೊಳ್ಳಬಹುದಾಗಿದೆ ಎಂದು ಪ್ರಕಟಣೆಯಲ್ಲಿ ತಿಳಿಸಿದ್ದಾರೆ.
ನಾಳೆ ಮೇಲ್ವಿಚಾರಣಾ ಸಮಿತಿ ಸಭೆ
ಹೊಸಪೇಟೆ ಟೈಮ್ಸ್ ನ್ಯೂಸ್
ಬಳ್ಳಾರಿ: ಕರ್ನಾಟಕ ಅನುಸೂಚಿತ ಜಾತಿಗಳ ಉಪಯೋಜನೆ ಮತ್ತು ಬುಡಕಟ್ಟು ಉಪಯೋಜನೆ (ಯೋಜನೆ ರೂಪಿಸುವುದು, ಆರ್ಥಿಕ ಸಂಪನ್ಮೂಲಗಳ ಹಂಚಿಕೆ ಮತ್ತು ಬಳಕೆ) ಅಧಿನಿಯಮ-2013ರ ಸೆಕ್ಷನ್-11ರ ಪ್ರಕಾರ ಜಿಲ್ಲಾ ಮೇಲ್ವಿಚಾರಣಾ ಸಮಿತಿ ರಚಿಸಲ್ಪಟ್ಟಿದ್ದು, ಜಿಲ್ಲಾಧಿಕಾರಿ ಪ್ರಶಾಂತ್ ಕುಮಾರ್ ಮಿಶ್ರಾ ಅವರ ಅಧ್ಯಕ್ಷತೆಯಲ್ಲಿ ಜು.18 ರಂದು ಮಧ್ಯಾಹ್ನ 3 ಗಂಟೆಗೆ ಜಿಲ್ಲಾಧಿಕಾರಿಗಳ ಕಚೇರಿಯ ಸಭಾಂಗಣದಲ್ಲಿ ಎಸ್.ಸಿ.ಎಸ್.ಪಿ/ಟಿ.ಎಸ್.ಪಿ ಜಿಲ್ಲಾ ಮೇಲ್ವಿಚಾರಣಾ ಸಮಿತಿಯ ಸಭೆ ಏರ್ಪಡಿಸಲಾಗಿದೆ. ಮುಂದುವರಿದು ಕೇಂದ್ರ ವಲಯ/ರಾಜ್ಯ ವಲಯ/ಜಿಲ್ಲಾ ವಲಯದಲ್ಲಿ ಪರಿಶಿಷ್ಟ ಜಾತಿ ಉಪ ಯೋಜನೆ ಮತ್ತು ಗಿರಿಜನ ಉಪಯೋಜನೆಯ 2024-25ನೇ ಸಾಲಿನ 2025 ರ ಮಾರ್ಚ್ ನ ಜೂನ್ ಅಂತ್ಯದವರೆಗಿನ ಪ್ರಗತಿಯನ್ನು ಪರಿಶೀಲಿಸಲಾಗುವುದು. ಸಂಬಂಧಪಟ್ಟ ಇಲಾಖೆಗಳ ಅಧಿಕಾರಿಗಳು ಕಡ್ಡಾಯವಾಗಿ ಹಾಜರಾಗುವಂತೆ ಜಿಲ್ಲಾ ಸಮಾಜ ಕಲ್ಯಾಣ ಇಲಾಖೆಯ ಜಂಟಿ ನಿರ್ದೇಶಕ ಬಿ.ಮಲ್ಲಿಕಾರ್ಜುನ ಅವರು ಪ್ರಕಟಣೆಯಲ್ಲಿ ತಿಳಿಸಿದ್ದಾರೆ.
ಕರ್ನಾಟಕ ಸರ್ಕಾರ
ಪುರಸಭಾಕಾರ್ಯಾಲಯ, ಹರಪನಹಳ್ಳಿ-583131. ವಿಜಯನಗರಜಿಲ್ಲೆ. ದೂರವಾಣಿ ಸಂಖ್ಯೆ:08398-280258, ಫ್ಯಾಕ್ಸ್: 08398-280581
Email: itstaff_ulb_harapanahalli@yahoo.com. Website: harapanahallitown.mrc.gov.in
ಕ್ರಸಂ/ಪುಸ.ಹಪಹಳ್ಳಿ/ಕಂ.ಶಾ/ಹರಾಜು/ಸಿಆರ್/02/2025-26	ದಿನಾಂಕ :14.07.2025
ಸಾರ್ವಜನಿಕ ಇ-ಹರಾಜು ಪ್ರಕಟಣೆ
ಈ ಮೂಲಕ ಸಾರ್ವಜನಿಕರಿಗೆ ತಿಳಿಯಪಡಿಸುವುದೇನೆಂದರೆ ಹರಪನಹಳ್ಳಿ ಪಟ್ಟಣ ವ್ಯಾಪ್ತಿಯಲ್ಲಿನ ಸರ್ಕಾರಿ ನಿವೇಶನಗಳ ಇ-ಹರಾಜು ನಡೆಸಲಾಗುವುದು. ಹೆಚ್ಚಿನ ವಿವರಗಳಿಗೆ ಕಛೇರಿ ವೇಳೆಯಲ್ಲಿ ಸಂಪರ್ಕಿಸಬಹುದು. ಆಸಕ್ತ ಬಿಡ್ಡುದಾರರು ವೆಬ್‌ಸೈಟ್ https://kppp.karnataka.gov.in/ ಮತ್ತು www.harapanahallitown.mrc.gov.in ನಲ್ಲಿ ಪರಿಶೀಲಿಸಬಹುದು.
1.Last Date and Time To Submit the Query: 25/07/2025. Date and Time To Confirm Participation of Interest in Auction: 28/07/2025. Start Date and Time Of Evaluation: 29/07/2025. Live Bidding/Auction: 02/08/2025. Delta time for Bidding: 5 Min
ಕ್ರ.ಸಂ	ಬಡಾವಣೆಯ ವಿವರ	ನಿವೇಶನ ಸಂಖ್ಯೆ	ನಿಗದಿ ಪಡಿಸಿದ ಕನಿಷ್ಠ ಮೊತ್ತ	ಠೇವಣಿ ಮೊತ್ತ	ಮೀಸಲಾತಿ	Indent No
1	ಟಿ.ಪಿ.ಎಸ್.'ಎ' ಬ್ಲಾಕ್	02	100500.00	6500.00	ಸಾಮಾನ್ಯ	DMA/2025-26/AUCTION3706
2		03	100500.00	6500.00	ಸಾಮಾನ್ಯ	DMA/2025-26/AUCTION3707
3		04	100500.00	6500.00	ಸಾಮಾನ್ಯ	DMA/2025-26/AUCTION3709
4		05	100500.00	6500.00	ಸಾಮಾನ್ಯ	DMA/2025-26/AUCTION3710
5	ಟಿ.ಪಿ.ಎಸ್.'ಬಿ' ಬ್ಲಾಕ್	16	100500.00	6600.00	ಸಾಮಾನ್ಯ	DMA/2025-26/AUCTION3711
6	ಟಿ.ಪಿ.ಎಸ್.'ಡಿ' ಬ್ಲಾಕ್	17	100500.00	6600.00	ಸಾಮಾನ್ಯ	DMA/2025-26/AUCTION3712
ವಿಶೇಷ ಸೂಚನೆ: ಹರಾಜಿನ ಷರತ್ತುಗಳು ಹಾಗೂ ಹೆಚ್ಚಿನ ಮಾಹಿತಿಗಾಗಿ ಕಛೇರಿಯನ್ನು ಸಂಪರ್ಕಿಸಿ.
ಡಿಐಪಿಆರ್/ಬಳ್ಳಾರಿ/ಜಾಹೀರಾತು/2025-26/ಪುರಸಭೆ/ಟಿ.ಸಂಖ್ಯೆ/152	ಸಹಿ/-ಮುಖ್ಯಾಧಿಕಾರಿ, ಪುರಸಭೆ ಹರಪನಹಳ್ಳಿ
OWNER , PUBLISHER & PRINTER K. M. REKHA PUBLISHED AT HOSPET TIMES, APOORVA OFFSET PRINTERS , SACHIDANAND LANE , MAIN BAZAR , HOSAPETE , BALLARI & PRINTED AT APOORVA OFFSET PRINTERS ,
SACHIDANAND LANE , MAIN BAZAR , HOSAPETE , BALLARI , EDITOR K. M. REKHA. EMAIL : hospettimes@gmail.com, Mob No 94484 41484.
